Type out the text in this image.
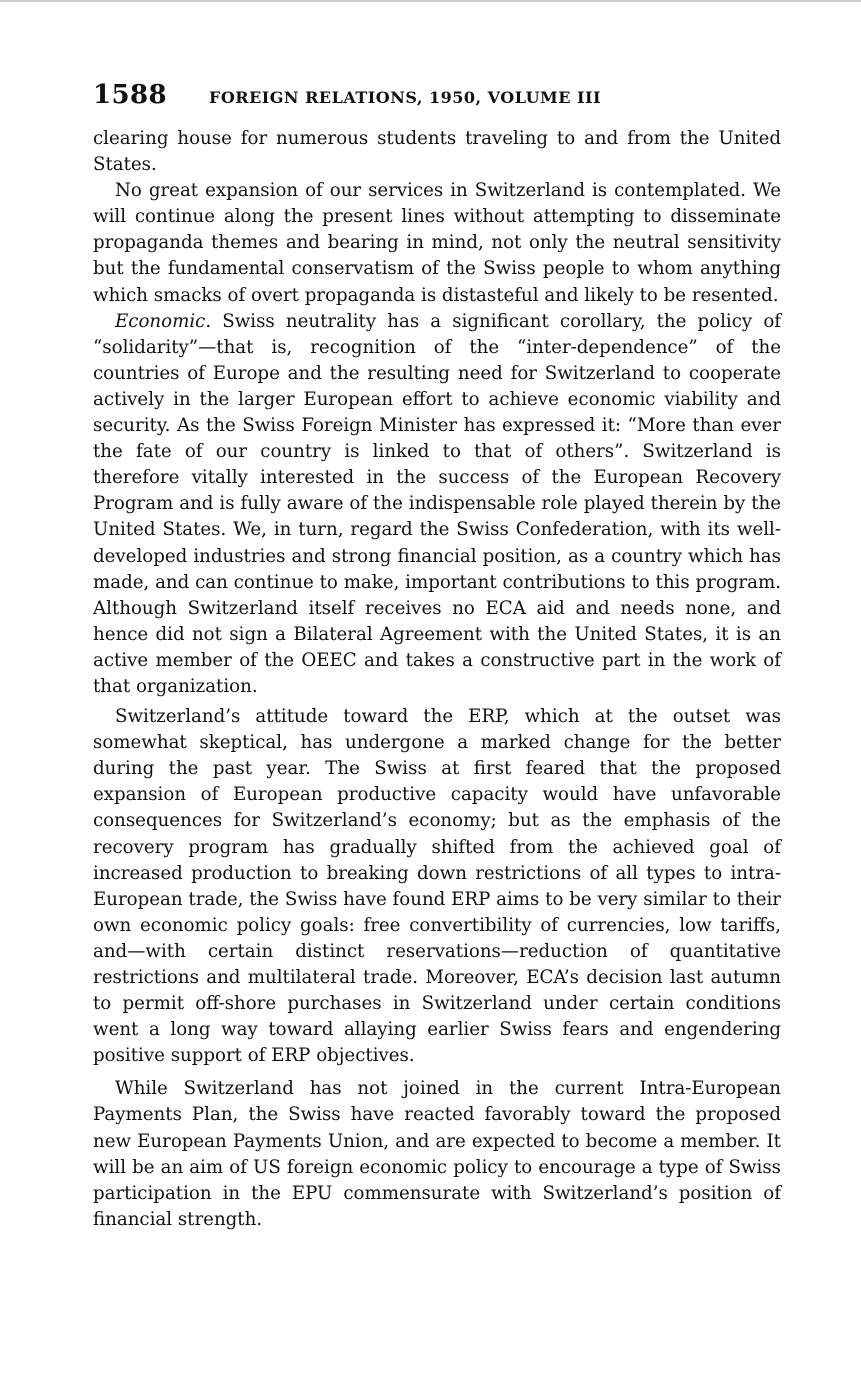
1588	FOREIGN RELATIONS, 1950, VOLUME III

clearing house for numerous students traveling to and from the United States.

No great expansion of our services in Switzerland is contemplated. We will continue along the present lines without attempting to disseminate propaganda themes and bearing in mind, not only the neutral sensitivity but the fundamental conservatism of the Swiss people to whom anything which smacks of overt propaganda is distasteful and likely to be resented.

Economic. Swiss neutrality has a significant corollary, the policy of “solidarity”—that is, recognition of the “inter-dependence” of the countries of Europe and the resulting need for Switzerland to cooperate actively in the larger European effort to achieve economic viability and security. As the Swiss Foreign Minister has expressed it: “More than ever the fate of our country is linked to that of others”. Switzerland is therefore vitally interested in the success of the European Recovery Program and is fully aware of the indispensable role played therein by the United States. We, in turn, regard the Swiss Confederation, with its well-developed industries and strong financial position, as a country which has made, and can continue to make, important contributions to this program. Although Switzerland itself receives no ECA aid and needs none, and hence did not sign a Bilateral Agreement with the United States, it is an active member of the OEEC and takes a constructive part in the work of that organization.

Switzerland’s attitude toward the ERP, which at the outset was somewhat skeptical, has undergone a marked change for the better during the past year. The Swiss at first feared that the proposed expansion of European productive capacity would have unfavorable consequences for Switzerland’s economy; but as the emphasis of the recovery program has gradually shifted from the achieved goal of increased production to breaking down restrictions of all types to intra-European trade, the Swiss have found ERP aims to be very similar to their own economic policy goals: free convertibility of currencies, low tariffs, and—with certain distinct reservations—reduction of quantitative restrictions and multilateral trade. Moreover, ECA’s decision last autumn to permit off-shore purchases in Switzerland under certain conditions went a long way toward allaying earlier Swiss fears and engendering positive support of ERP objectives.

While Switzerland has not joined in the current Intra-European Payments Plan, the Swiss have reacted favorably toward the proposed new European Payments Union, and are expected to become a member. It will be an aim of US foreign economic policy to encourage a type of Swiss participation in the EPU commensurate with Switzerland’s position of financial strength.
